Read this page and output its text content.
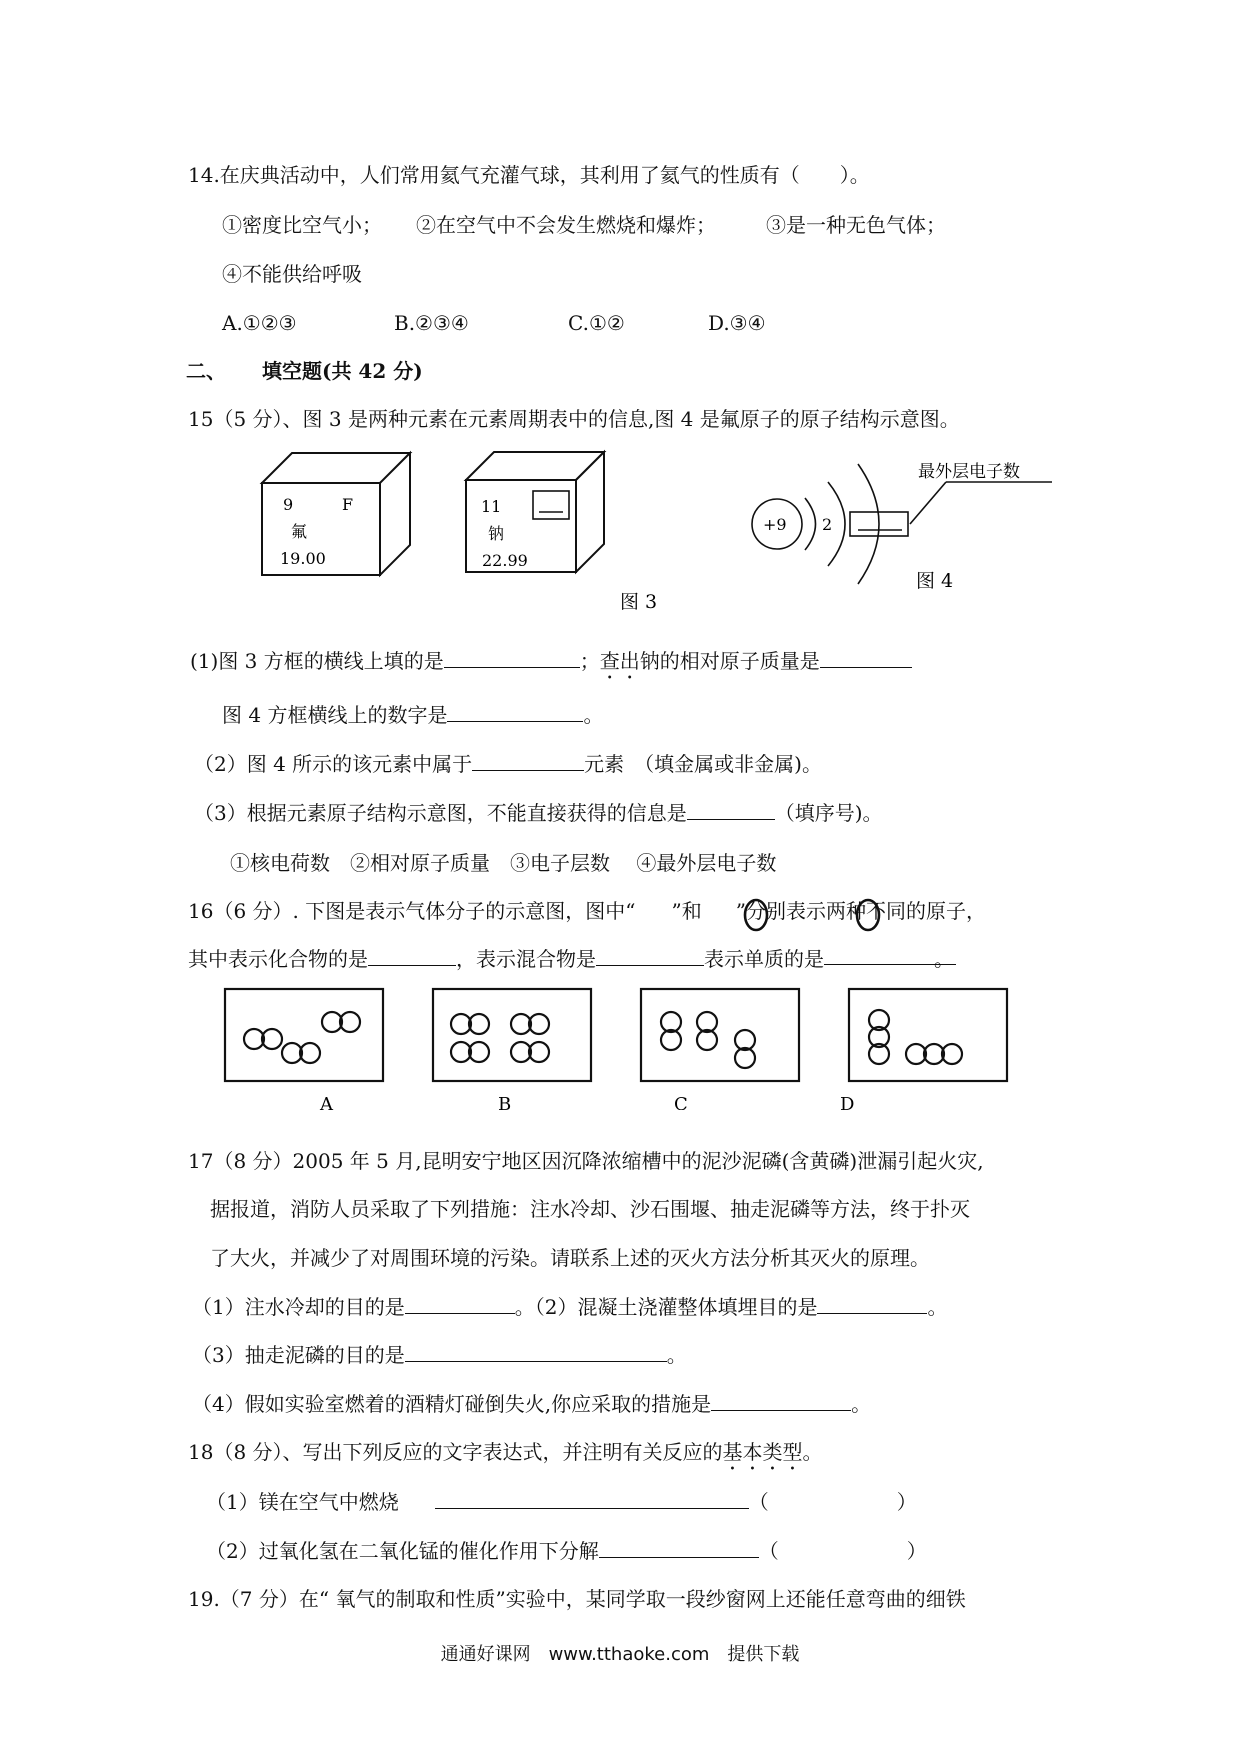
14.在庆典活动中，人们常用氦气充灌气球，其利用了氦气的性质有（　　）。
①密度比空气小； ②在空气中不会发生燃烧和爆炸；	③是一种无色气体；
④不能供给呼吸
A.①②③	B.②③④	C.①②	D.③④
二、 填空题(共 42 分)
15（5 分）、图 3 是两种元素在元素周期表中的信息,图 4 是氟原子的原子结构示意图。
9	F
氟
19.00
11
钠
22.99
图 3
+9 2
最外层电子数
图 4
(1)图 3 方框的横线上填的是	；查出钠的相对原子质量是
图 4 方框横线上的数字是	。
（2）图 4 所示的该元素中属于	元素　（填金属或非金属)。
（3）根据元素原子结构示意图，不能直接获得的信息是	（填序号)。
①核电荷数　②相对原子质量　③电子层数　 ④最外层电子数
16（6 分）. 下图是表示气体分子的示意图，图中“ ”和 ”分别表示两种不同的原子，
其中表示化合物的是	，表示混合物是	表示单质的是	。
A	B	C	D
17（8 分）2005 年 5 月,昆明安宁地区因沉降浓缩槽中的泥沙泥磷(含黄磷)泄漏引起火灾,
据报道，消防人员采取了下列措施：注水冷却、沙石围堰、抽走泥磷等方法，终于扑灭
了大火，并减少了对周围环境的污染。请联系上述的灭火方法分析其灭火的原理。
（1）注水冷却的目的是	。（2）混凝土浇灌整体填埋目的是	。
（3）抽走泥磷的目的是	。
（4）假如实验室燃着的酒精灯碰倒失火,你应采取的措施是	。
18（8 分）、写出下列反应的文字表达式，并注明有关反应的基本类型。
（1）镁在空气中燃烧	（	）
（2）过氧化氢在二氧化锰的催化作用下分解	（	）
19.（7 分）在“ 氧气的制取和性质”实验中，某同学取一段纱窗网上还能任意弯曲的细铁
通通好课网　www.tthaoke.com　提供下载
